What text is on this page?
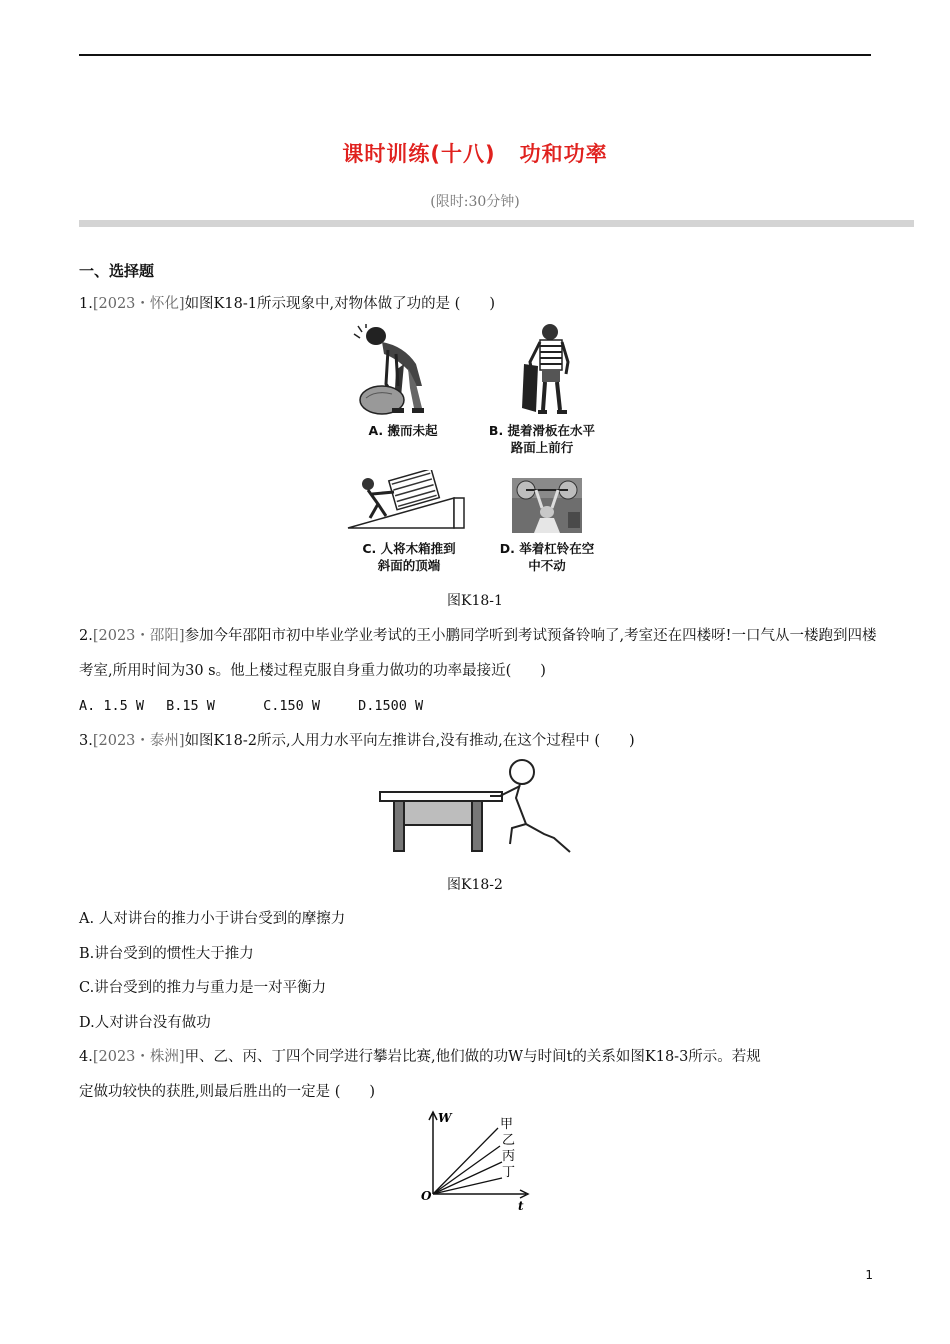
课时训练(十八) 功和功率
(限时:30分钟)
一、选择题
1.[2023・怀化]如图K18-1所示现象中,对物体做了功的是 (　　)
A. 搬而未起	B. 提着滑板在水平
路面上前行
C. 人将木箱推到
斜面的顶端
D. 举着杠铃在空
中不动
图K18-1
2.[2023・邵阳]参加今年邵阳市初中毕业学业考试的王小鹏同学听到考试预备铃响了,考室还在四楼呀!一口气从一楼跑到四楼考室,所用时间为30 s。他上楼过程克服自身重力做功的功率最接近(　　)
A. 1.5 W B.15 W	C.150 W	D.1500 W
3.[2023・泰州]如图K18-2所示,人用力水平向左推讲台,没有推动,在这个过程中 (　　)
图K18-2
A. 人对讲台的推力小于讲台受到的摩擦力
B.讲台受到的惯性大于推力
C.讲台受到的推力与重力是一对平衡力
D.人对讲台没有做功
4.[2023・株洲]甲、乙、丙、丁四个同学进行攀岩比赛,他们做的功W与时间t的关系如图K18-3所示。若规
定做功较快的获胜,则最后胜出的一定是 (　　)
W
t
O
甲
乙
丙
丁
1
